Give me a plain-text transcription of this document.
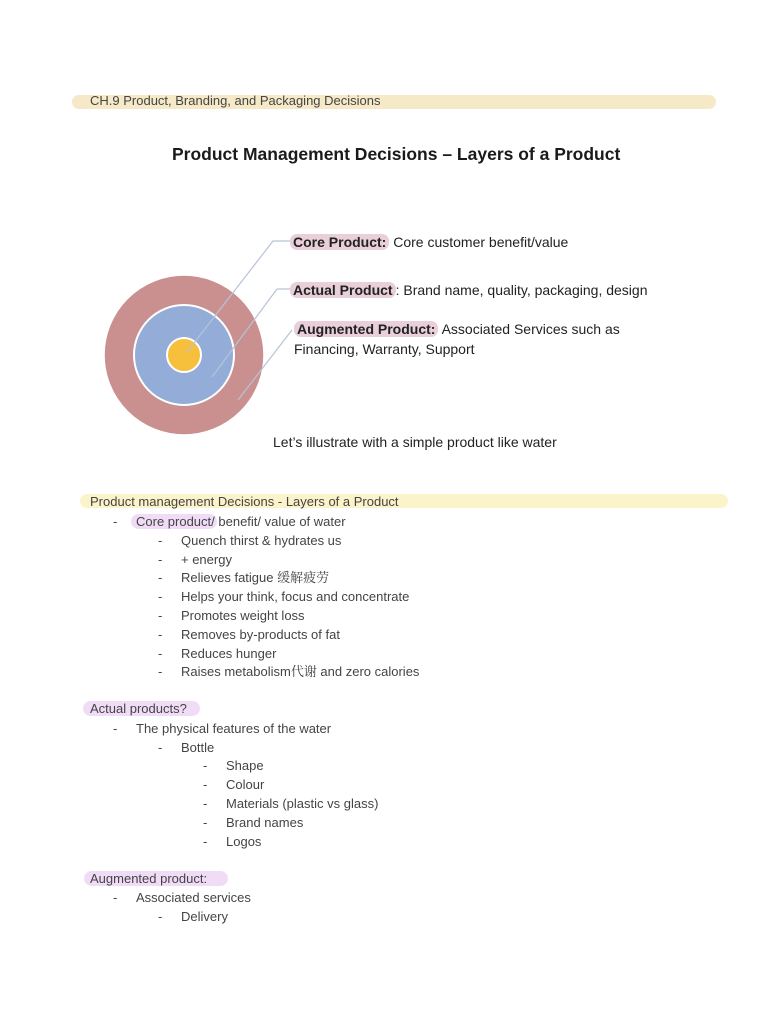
CH.9 Product, Branding, and Packaging Decisions
Product Management Decisions – Layers of a Product
Core Product: Core customer benefit/value
Actual Product : Brand name, quality, packaging, design
Augmented Product: Associated Services such as Financing, Warranty, Support
Let’s illustrate with a simple product like water
Product management Decisions - Layers of a Product
- Core product/ benefit/ value of water
- Quench thirst & hydrates us
- + energy
- Relieves fatigue 缓解疲劳
- Helps your think, focus and concentrate
- Promotes weight loss
- Removes by-products of fat
- Reduces hunger
- Raises metabolism代谢 and zero calories
Actual products?
- The physical features of the water
- Bottle
- Shape
- Colour
- Materials (plastic vs glass)
- Brand names
- Logos
Augmented product:
- Associated services
- Delivery
